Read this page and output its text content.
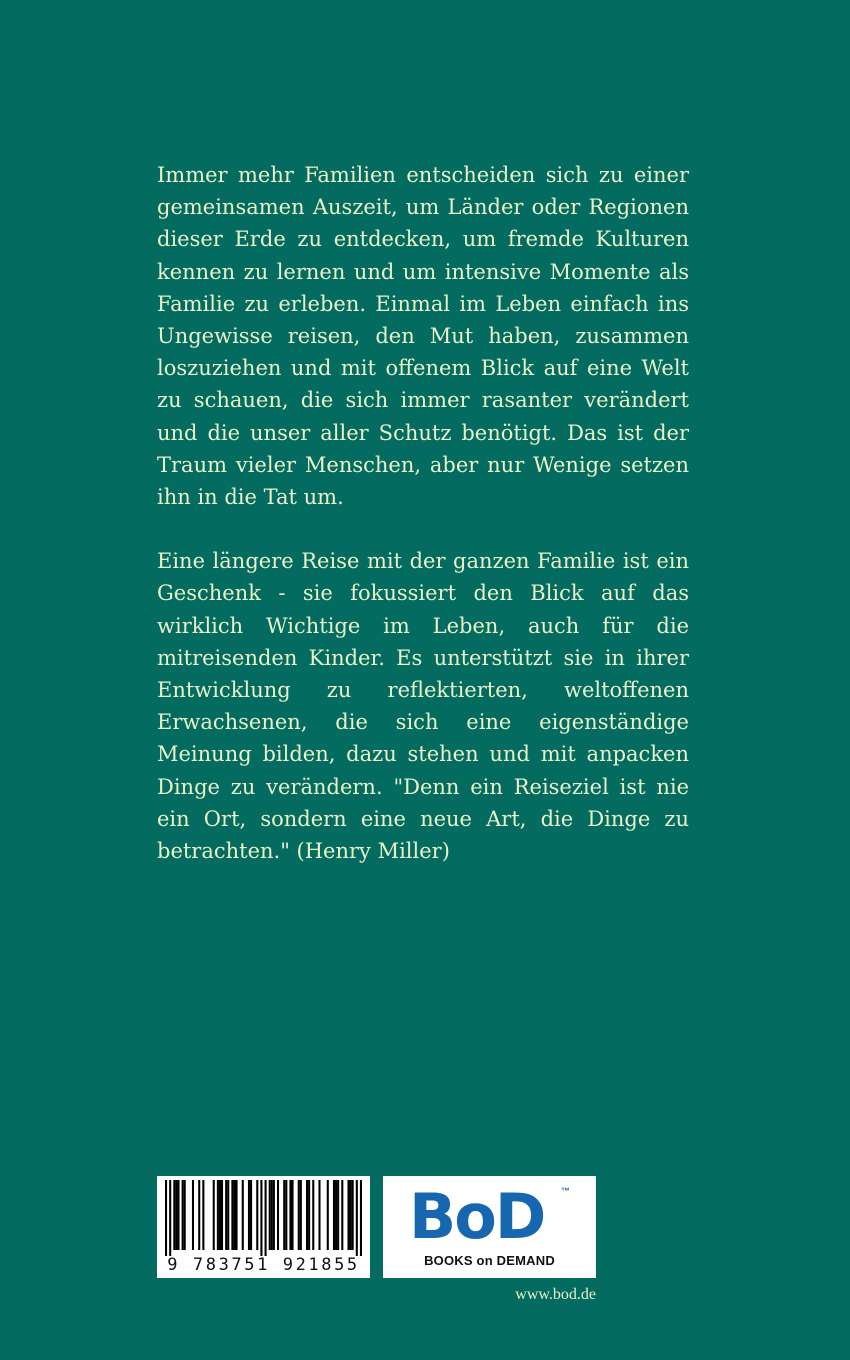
Immer mehr Familien entscheiden sich zu einer gemeinsamen Auszeit, um Länder oder Regionen dieser Erde zu entdecken, um fremde Kulturen kennen zu lernen und um intensive Momente als Familie zu erleben. Einmal im Leben einfach ins Ungewisse reisen, den Mut haben, zusammen loszuziehen und mit offenem Blick auf eine Welt zu schauen, die sich immer rasanter verändert und die unser aller Schutz benötigt. Das ist der Traum vieler Menschen, aber nur Wenige setzen ihn in die Tat um.

Eine längere Reise mit der ganzen Familie ist ein Geschenk - sie fokussiert den Blick auf das wirklich Wichtige im Leben, auch für die mitreisenden Kinder. Es unterstützt sie in ihrer Entwicklung zu reflektierten, weltoffenen Erwachsenen, die sich eine eigenständige Meinung bilden, dazu stehen und mit anpacken Dinge zu verändern. "Denn ein Reiseziel ist nie ein Ort, sondern eine neue Art, die Dinge zu betrachten." (Henry Miller)

9 783751 921855
BoD ™
BOOKS on DEMAND
www.bod.de
